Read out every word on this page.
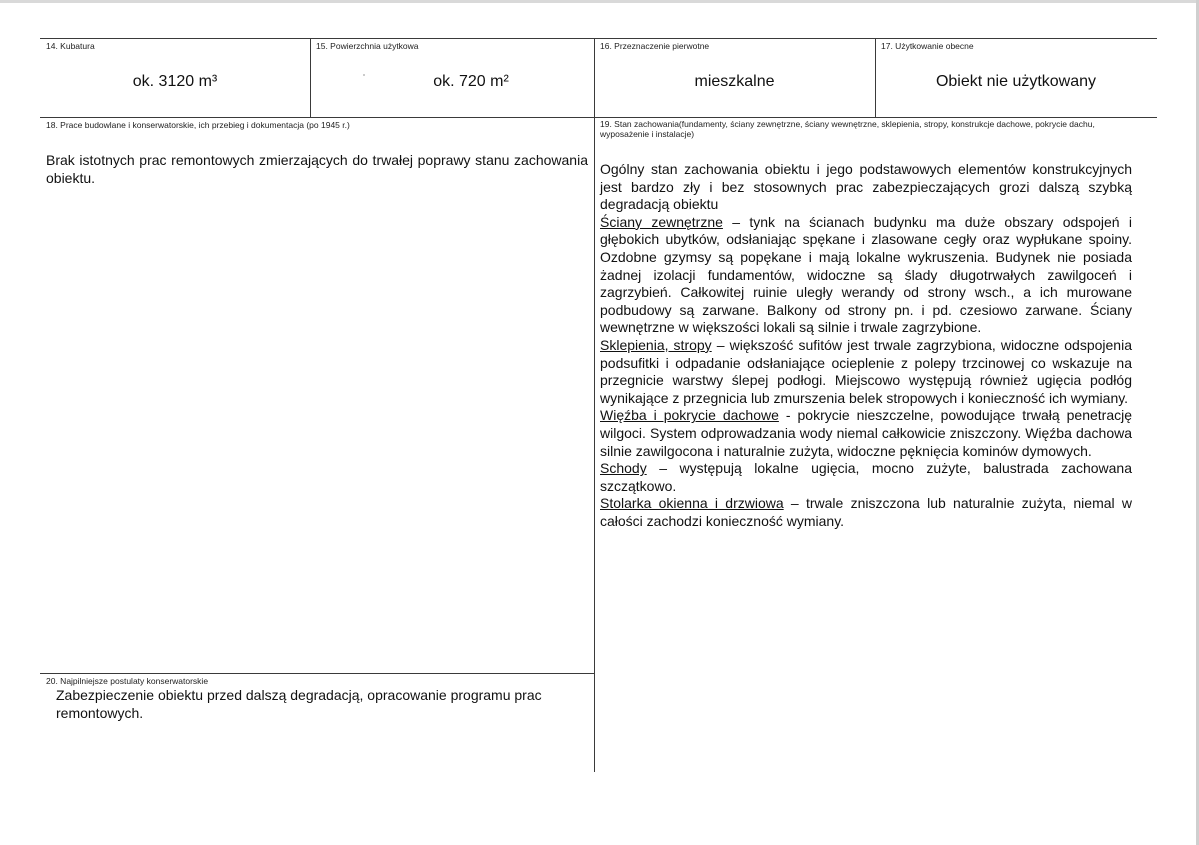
14. Kubatura
ok. 3120 m³
15. Powierzchnia użytkowa
ok. 720 m²
16. Przeznaczenie pierwotne
mieszkalne
17. Użytkowanie obecne
Obiekt nie użytkowany
18. Prace budowlane i konserwatorskie, ich przebieg i dokumentacja (po 1945 r.)
Brak istotnych prac remontowych zmierzających do trwałej poprawy stanu zachowania obiektu.
19. Stan zachowania(fundamenty, ściany zewnętrzne, ściany wewnętrzne, sklepienia, stropy, konstrukcje dachowe, pokrycie dachu, wyposażenie i instalacje)
Ogólny stan zachowania obiektu i jego podstawowych elementów konstrukcyjnych jest bardzo zły i bez stosownych prac zabezpieczających grozi dalszą szybką degradacją obiektu
Ściany zewnętrzne – tynk na ścianach budynku ma duże obszary odspojeń i głębokich ubytków, odsłaniając spękane i zlasowane cegły oraz wypłukane spoiny. Ozdobne gzymsy są popękane i mają lokalne wykruszenia. Budynek nie posiada żadnej izolacji fundamentów, widoczne są ślady długotrwałych zawilgoceń i zagrzybień. Całkowitej ruinie uległy werandy od strony wsch., a ich murowane podbudowy są zarwane. Balkony od strony pn. i pd. czesiowo zarwane. Ściany wewnętrzne w większości lokali są silnie i trwale zagrzybione.
Sklepienia, stropy – większość sufitów jest trwale zagrzybiona, widoczne odspojenia podsufitki i odpadanie odsłaniające ocieplenie z polepy trzcinowej co wskazuje na przegnicie warstwy ślepej podłogi. Miejscowo występują również ugięcia podłóg wynikające z przegnicia lub zmurszenia belek stropowych i konieczność ich wymiany.
Więźba i pokrycie dachowe - pokrycie nieszczelne, powodujące trwałą penetrację wilgoci. System odprowadzania wody niemal całkowicie zniszczony. Więźba dachowa silnie zawilgocona i naturalnie zużyta, widoczne pęknięcia kominów dymowych.
Schody – występują lokalne ugięcia, mocno zużyte, balustrada zachowana szczątkowo.
Stolarka okienna i drzwiowa – trwale zniszczona lub naturalnie zużyta, niemal w całości zachodzi konieczność wymiany.
20. Najpilniejsze postulaty konserwatorskie
Zabezpieczenie obiektu przed dalszą degradacją, opracowanie programu prac remontowych.
